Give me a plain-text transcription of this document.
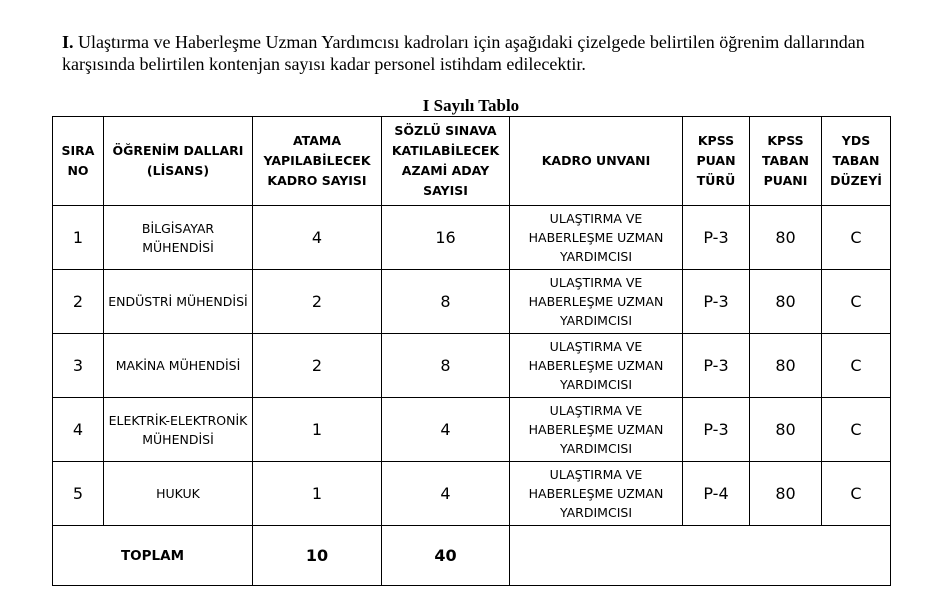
I. Ulaştırma ve Haberleşme Uzman Yardımcısı kadroları için aşağıdaki çizelgede belirtilen öğrenim dallarından karşısında belirtilen kontenjan sayısı kadar personel istihdam edilecektir.
I Sayılı Tablo
SIRA NO	ÖĞRENİM DALLARI (LİSANS)	ATAMA YAPILABİLECEK KADRO SAYISI	SÖZLÜ SINAVA KATILABİLECEK AZAMİ ADAY SAYISI	KADRO UNVANI	KPSS PUAN TÜRÜ	KPSS TABAN PUANI	YDS TABAN DÜZEYİ
1	BİLGİSAYAR MÜHENDİSİ	4	16	ULAŞTIRMA VE HABERLEŞME UZMAN YARDIMCISI	P-3	80	C
2	ENDÜSTRİ MÜHENDİSİ	2	8	ULAŞTIRMA VE HABERLEŞME UZMAN YARDIMCISI	P-3	80	C
3	MAKİNA MÜHENDİSİ	2	8	ULAŞTIRMA VE HABERLEŞME UZMAN YARDIMCISI	P-3	80	C
4	ELEKTRİK-ELEKTRONİK MÜHENDİSİ	1	4	ULAŞTIRMA VE HABERLEŞME UZMAN YARDIMCISI	P-3	80	C
5	HUKUK	1	4	ULAŞTIRMA VE HABERLEŞME UZMAN YARDIMCISI	P-4	80	C
TOPLAM		10	40				
